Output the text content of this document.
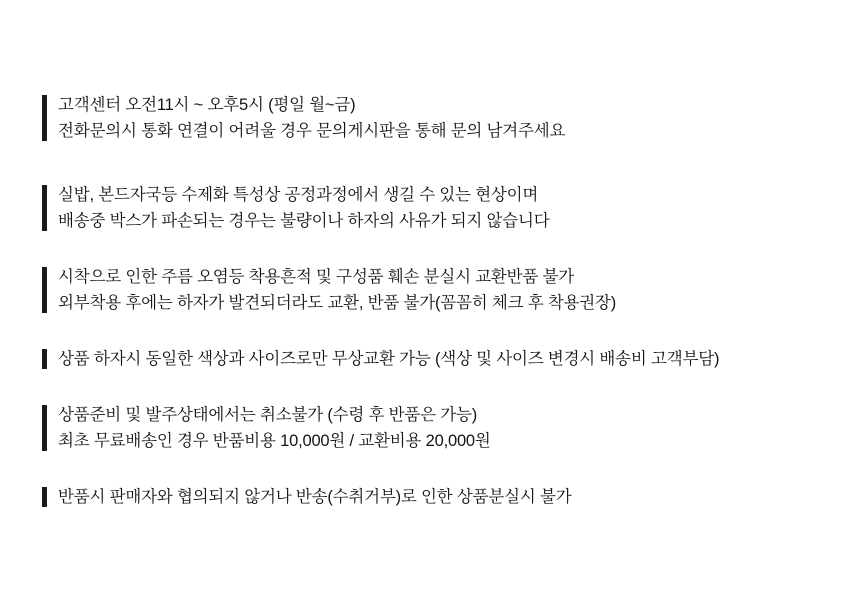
고객센터 오전11시 ~ 오후5시 (평일 월~금)
전화문의시 통화 연결이 어려울 경우 문의게시판을 통해 문의 남겨주세요
실밥, 본드자국등 수제화 특성상 공정과정에서 생길 수 있는 현상이며
배송중 박스가 파손되는 경우는 불량이나 하자의 사유가 되지 않습니다
시착으로 인한 주름 오염등 착용흔적 및 구성품 훼손 분실시 교환반품 불가
외부착용 후에는 하자가 발견되더라도 교환, 반품 불가(꼼꼼히 체크 후 착용권장)
상품 하자시 동일한 색상과 사이즈로만 무상교환 가능 (색상 및 사이즈 변경시 배송비 고객부담)
상품준비 및 발주상태에서는 취소불가 (수령 후 반품은 가능)
최초 무료배송인 경우 반품비용 10,000원 / 교환비용 20,000원
반품시 판매자와 협의되지 않거나 반송(수취거부)로 인한 상품분실시 불가
